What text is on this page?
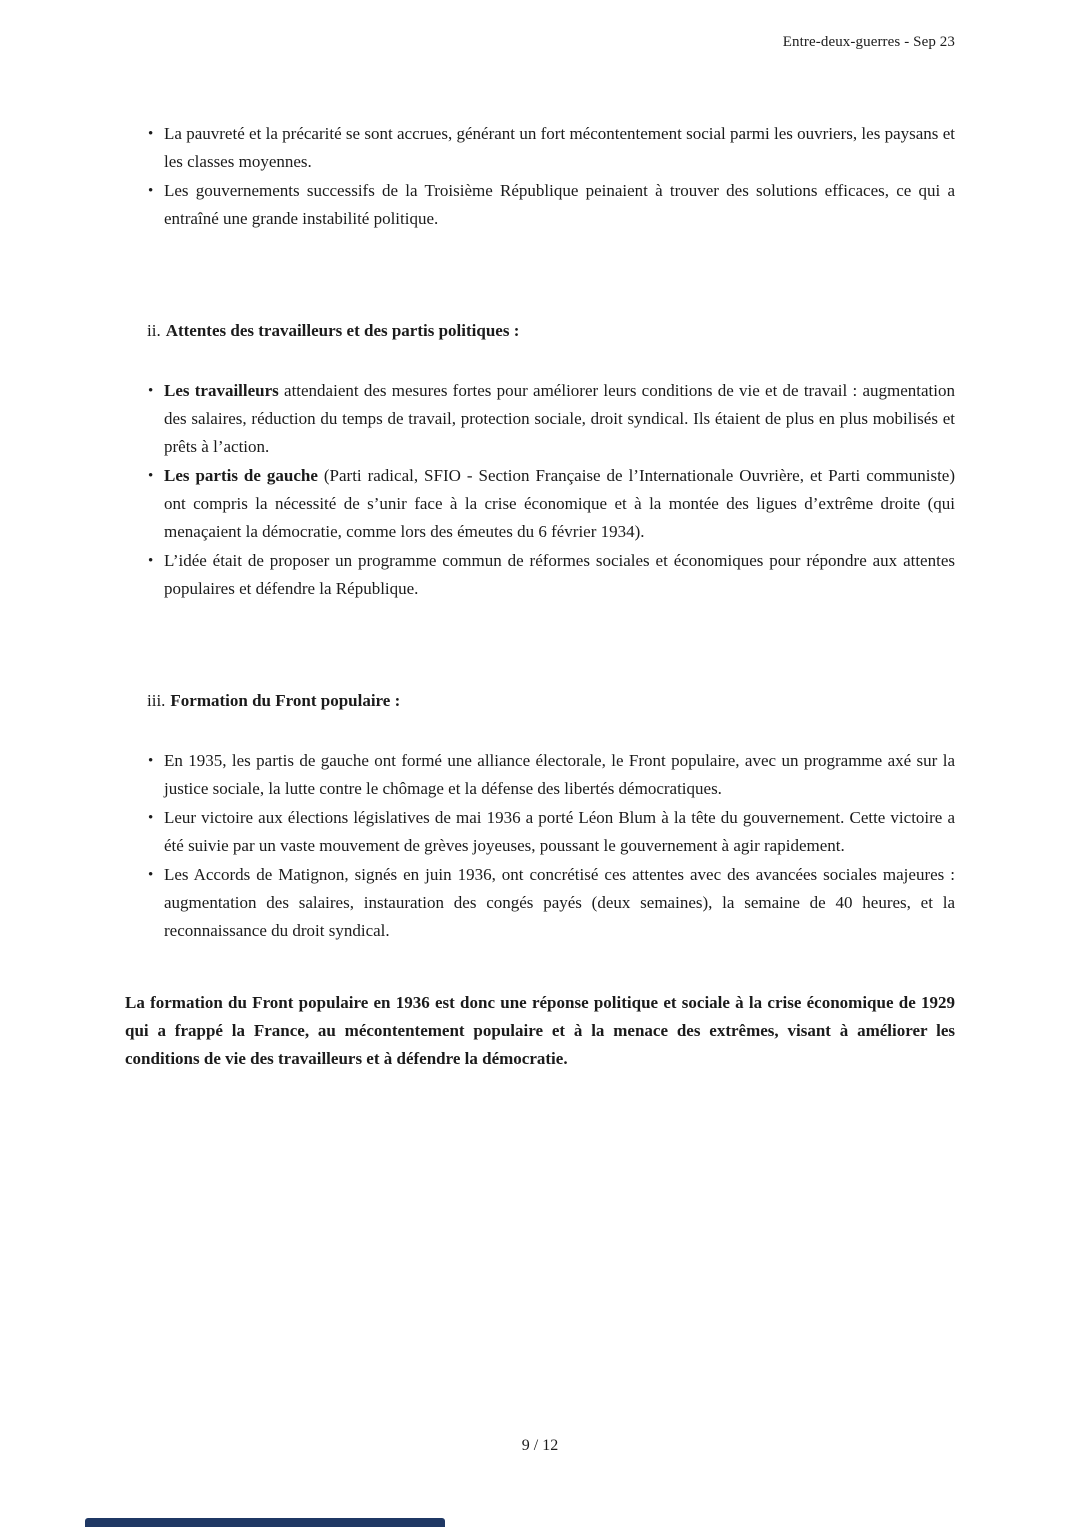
Entre-deux-guerres - Sep 23
• La pauvreté et la précarité se sont accrues, générant un fort mécontentement social parmi les ouvriers, les paysans et les classes moyennes.
• Les gouvernements successifs de la Troisième République peinaient à trouver des solutions efficaces, ce qui a entraîné une grande instabilité politique.
ii. Attentes des travailleurs et des partis politiques :
• Les travailleurs attendaient des mesures fortes pour améliorer leurs conditions de vie et de travail : augmentation des salaires, réduction du temps de travail, protection sociale, droit syndical. Ils étaient de plus en plus mobilisés et prêts à l’action.
• Les partis de gauche (Parti radical, SFIO - Section Française de l’Internationale Ouvrière, et Parti communiste) ont compris la nécessité de s’unir face à la crise économique et à la montée des ligues d’extrême droite (qui menaçaient la démocratie, comme lors des émeutes du 6 février 1934).
• L’idée était de proposer un programme commun de réformes sociales et économiques pour répondre aux attentes populaires et défendre la République.
iii. Formation du Front populaire :
• En 1935, les partis de gauche ont formé une alliance électorale, le Front populaire, avec un programme axé sur la justice sociale, la lutte contre le chômage et la défense des libertés démocratiques.
• Leur victoire aux élections législatives de mai 1936 a porté Léon Blum à la tête du gouvernement. Cette victoire a été suivie par un vaste mouvement de grèves joyeuses, poussant le gouvernement à agir rapidement.
• Les Accords de Matignon, signés en juin 1936, ont concrétisé ces attentes avec des avancées sociales majeures : augmentation des salaires, instauration des congés payés (deux semaines), la semaine de 40 heures, et la reconnaissance du droit syndical.

La formation du Front populaire en 1936 est donc une réponse politique et sociale à la crise économique de 1929 qui a frappé la France, au mécontentement populaire et à la menace des extrêmes, visant à améliorer les conditions de vie des travailleurs et à défendre la démocratie.

9 / 12
